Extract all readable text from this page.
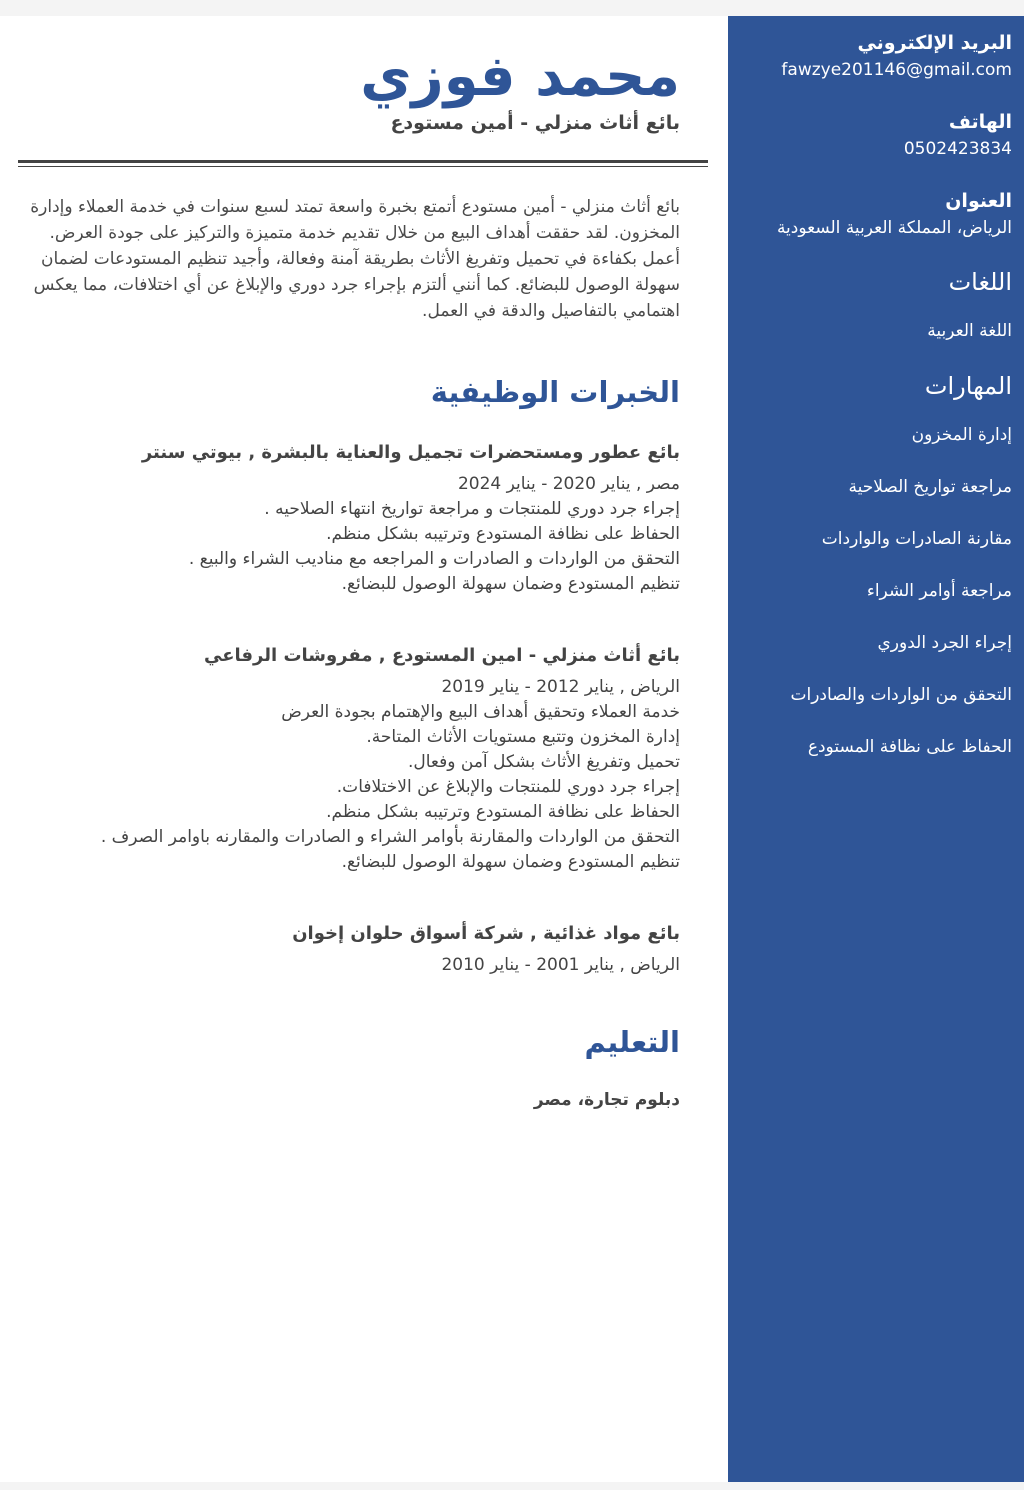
محمد فوزي

بائع أثاث منزلي - أمين مستودع

بائع أثاث منزلي - أمين مستودع أتمتع بخبرة واسعة تمتد لسبع سنوات في خدمة العملاء وإدارة المخزون. لقد حققت أهداف البيع من خلال تقديم خدمة متميزة والتركيز على جودة العرض. أعمل بكفاءة في تحميل وتفريغ الأثاث بطريقة آمنة وفعالة، وأجيد تنظيم المستودعات لضمان سهولة الوصول للبضائع. كما أنني ألتزم بإجراء جرد دوري والإبلاغ عن أي اختلافات، مما يعكس اهتمامي بالتفاصيل والدقة في العمل.

الخبرات الوظيفية

بائع عطور ومستحضرات تجميل والعناية بالبشرة , بيوتي سنتر

مصر , يناير 2020 - يناير 2024

إجراء جرد دوري للمنتجات و مراجعة تواريخ انتهاء الصلاحيه .

الحفاظ على نظافة المستودع وترتيبه بشكل منظم.

التحقق من الواردات و الصادرات و المراجعه مع مناديب الشراء والبيع .

تنظيم المستودع وضمان سهولة الوصول للبضائع.

بائع أثاث منزلي - امين المستودع , مفروشات الرفاعي

الرياض , يناير 2012 - يناير 2019

خدمة العملاء وتحقيق أهداف البيع والإهتمام بجودة العرض

إدارة المخزون وتتبع مستويات الأثاث المتاحة.

تحميل وتفريغ الأثاث بشكل آمن وفعال.

إجراء جرد دوري للمنتجات والإبلاغ عن الاختلافات.

الحفاظ على نظافة المستودع وترتيبه بشكل منظم.

التحقق من الواردات والمقارنة بأوامر الشراء و الصادرات والمقارنه باوامر الصرف .

تنظيم المستودع وضمان سهولة الوصول للبضائع.

بائع مواد غذائية , شركة أسواق حلوان إخوان

الرياض , يناير 2001 - يناير 2010

التعليم

دبلوم تجارة، مصر

البريد الإلكتروني

fawzye201146@gmail.com

الهاتف

0502423834

العنوان

الرياض، المملكة العربية السعودية

اللغات

اللغة العربية

المهارات

إدارة المخزون

مراجعة تواريخ الصلاحية

مقارنة الصادرات والواردات

مراجعة أوامر الشراء

إجراء الجرد الدوري

التحقق من الواردات والصادرات

الحفاظ على نظافة المستودع
